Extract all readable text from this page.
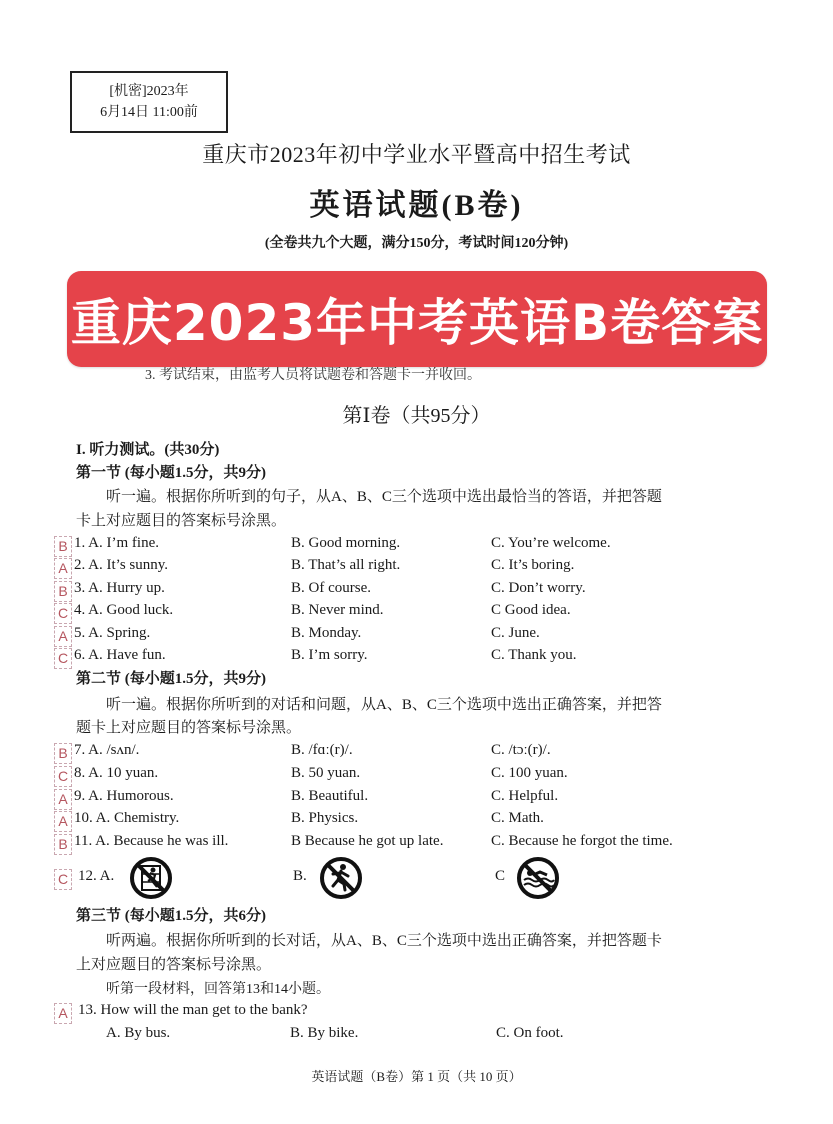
[机密]2023年
6月14日 11:00前
重庆市2023年初中学业水平暨高中招生考试
英语试题(B卷)
(全卷共九个大题，满分150分，考试时间120分钟)
3. 考试结束，由监考人员将试题卷和答题卡一并收回。
重庆2023年中考英语B卷答案
第Ⅰ卷（共95分）
I. 听力测试。(共30分)
第一节 (每小题1.5分，共9分)
听一遍。根据你所听到的句子，从A、B、C三个选项中选出最恰当的答语，并把答题
卡上对应题目的答案标号涂黑。
B 1. A. I’m fine.	B. Good morning.	C. You’re welcome.
A 2. A. It’s sunny.	B. That’s all right.	C. It’s boring.
B 3. A. Hurry up.	B. Of course.	C. Don’t worry.
C 4. A. Good luck.	B. Never mind.	C Good idea.
A 5. A. Spring.	B. Monday.	C. June.
C 6. A. Have fun.	B. I’m sorry.	C. Thank you.
第二节 (每小题1.5分，共9分)
听一遍。根据你所听到的对话和问题，从A、B、C三个选项中选出正确答案，并把答
题卡上对应题目的答案标号涂黑。
B 7. A. /sʌn/.	B. /fɑː(r)/.	C. /tɔː(r)/.
C 8. A. 10 yuan.	B. 50 yuan.	C. 100 yuan.
A 9. A. Humorous.	B. Beautiful.	C. Helpful.
A 10. A. Chemistry.	B. Physics.	C. Math.
B 11. A. Because he was ill.	B Because he got up late.	C. Because he forgot the time.
C 12. A.	B.	C
第三节 (每小题1.5分，共6分)
听两遍。根据你所听到的长对话，从A、B、C三个选项中选出正确答案，并把答题卡
上对应题目的答案标号涂黑。
听第一段材料，回答第13和14小题。
A 13. How will the man get to the bank?
A. By bus.	B. By bike.	C. On foot.
英语试题（B卷）第 1 页（共 10 页）
